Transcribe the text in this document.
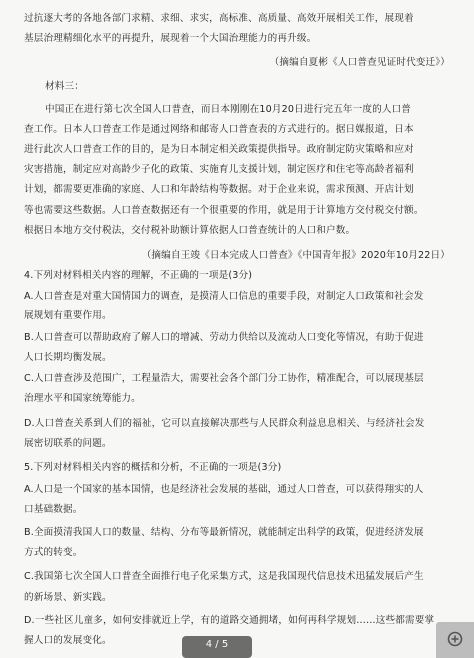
过抗逐大考的各地各部门求精、求细、求实，高标准、高质量、高效开展相关工作，展现着
基层治理精细化水平的再提升，展现着一个大国治理能力的再升级。
（摘编自夏彬《人口普查见证时代变迁》）
材料三：
中国正在进行第七次全国人口普查，而日本刚刚在10月20日进行完五年一度的人口普
查工作。日本人口普查工作是通过网络和邮寄人口普查表的方式进行的。据日媒报道，日本
进行此次人口普查工作的目的，是为日本制定相关政策提供指导。政府制定防灾策略和应对
灾害措施，制定应对高龄少子化的政策、实施育儿支援计划，制定医疗和住宅等高龄者福利
计划，都需要更准确的家庭、人口和年龄结构等数据。对于企业来说，需求预测、开店计划
等也需要这些数据。人口普查数据还有一个很重要的作用，就是用于计算地方交付税交付额。
根据日本地方交付税法，交付税补助额计算依据人口普查统计的人口和户数。
（摘编自王竣《日本完成人口普查》《中国青年报》2020年10月22日）
4.下列对材料相关内容的理解，不正确的一项是(3分)
A.人口普查是对重大国情国力的调查，是摸清人口信息的重要手段，对制定人口政策和社会发
展规划有重要作用。
B.人口普查可以帮助政府了解人口的增减、劳动力供给以及流动人口变化等情况，有助于促进
人口长期均衡发展。
C.人口普查涉及范围广，工程量浩大，需要社会各个部门分工协作，精准配合，可以展现基层
治理水平和国家统筹能力。
D.人口普查关系到人们的福祉，它可以直接解决那些与人民群众利益息息相关、与经济社会发
展密切联系的问题。
5.下列对材料相关内容的概括和分析，不正确的一项是(3分)
A.人口是一个国家的基本国情，也是经济社会发展的基础，通过人口普查，可以获得翔实的人
口基础数据。
B.全面摸清我国人口的数量、结构、分布等最新情况，就能制定出科学的政策，促进经济发展
方式的转变。
C.我国第七次全国人口普查全面推行电子化采集方式，这是我国现代信息技术迅猛发展后产生
的新场景、新实践。
D.一些社区儿童多，如何安排就近上学，有的道路交通拥堵，如何再科学规划……这些都需要掌
握人口的发展变化。	4 / 5
